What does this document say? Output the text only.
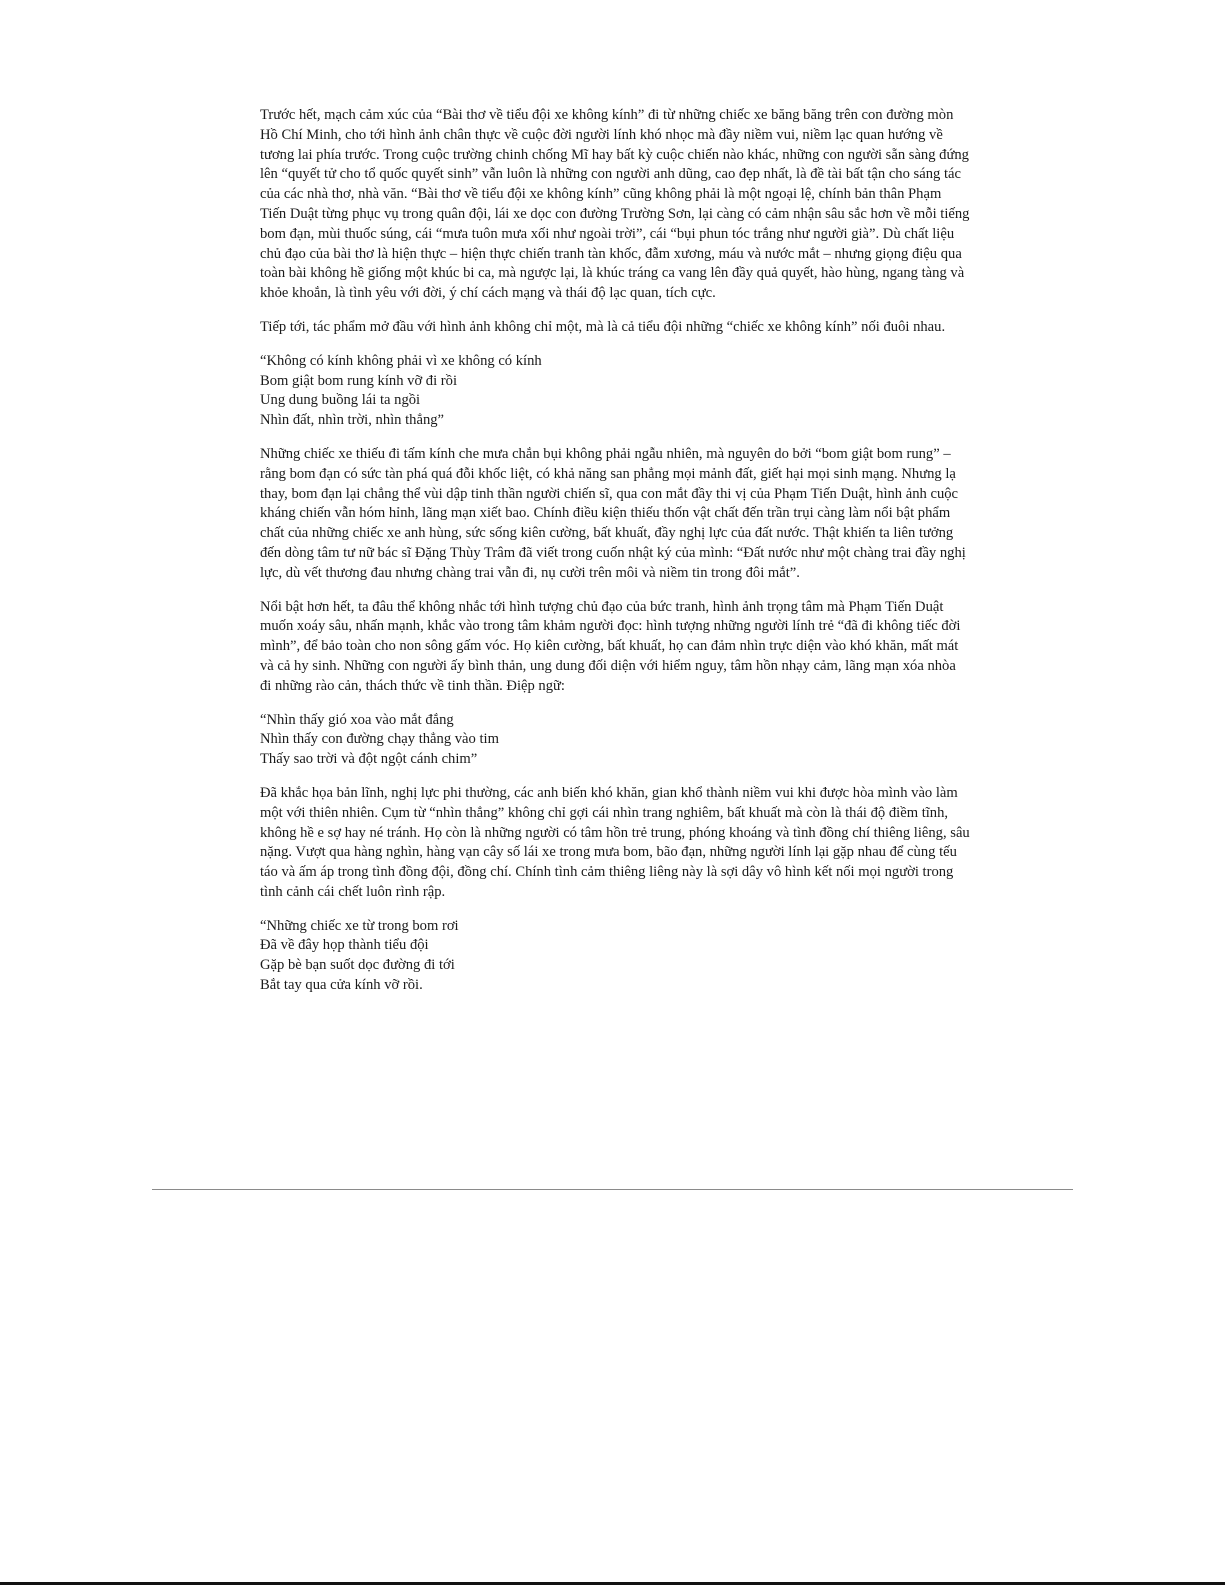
Trước hết, mạch cảm xúc của “Bài thơ về tiểu đội xe không kính” đi từ những chiếc xe băng băng trên con đường mòn Hồ Chí Minh, cho tới hình ảnh chân thực về cuộc đời người lính khó nhọc mà đầy niềm vui, niềm lạc quan hướng về tương lai phía trước. Trong cuộc trường chinh chống Mĩ hay bất kỳ cuộc chiến nào khác, những con người sẵn sàng đứng lên “quyết tử cho tổ quốc quyết sinh” vẫn luôn là những con người anh dũng, cao đẹp nhất, là đề tài bất tận cho sáng tác của các nhà thơ, nhà văn. “Bài thơ về tiểu đội xe không kính” cũng không phải là một ngoại lệ, chính bản thân Phạm Tiến Duật từng phục vụ trong quân đội, lái xe dọc con đường Trường Sơn, lại càng có cảm nhận sâu sắc hơn về mỗi tiếng bom đạn, mùi thuốc súng, cái “mưa tuôn mưa xối như ngoài trời”, cái “bụi phun tóc trắng như người già”. Dù chất liệu chủ đạo của bài thơ là hiện thực – hiện thực chiến tranh tàn khốc, đẫm xương, máu và nước mắt – nhưng giọng điệu qua toàn bài không hề giống một khúc bi ca, mà ngược lại, là khúc tráng ca vang lên đầy quả quyết, hào hùng, ngang tàng và khỏe khoắn, là tình yêu với đời, ý chí cách mạng và thái độ lạc quan, tích cực.

Tiếp tới, tác phẩm mở đầu với hình ảnh không chỉ một, mà là cả tiểu đội những “chiếc xe không kính” nối đuôi nhau.

“Không có kính không phải vì xe không có kính
Bom giật bom rung kính vỡ đi rồi
Ung dung buồng lái ta ngồi
Nhìn đất, nhìn trời, nhìn thẳng”

Những chiếc xe thiếu đi tấm kính che mưa chắn bụi không phải ngẫu nhiên, mà nguyên do bởi “bom giật bom rung” – rằng bom đạn có sức tàn phá quá đỗi khốc liệt, có khả năng san phẳng mọi mảnh đất, giết hại mọi sinh mạng. Nhưng lạ thay, bom đạn lại chẳng thể vùi dập tinh thần người chiến sĩ, qua con mắt đầy thi vị của Phạm Tiến Duật, hình ảnh cuộc kháng chiến vẫn hóm hỉnh, lãng mạn xiết bao. Chính điều kiện thiếu thốn vật chất đến trần trụi càng làm nổi bật phẩm chất của những chiếc xe anh hùng, sức sống kiên cường, bất khuất, đầy nghị lực của đất nước. Thật khiến ta liên tưởng đến dòng tâm tư nữ bác sĩ Đặng Thùy Trâm đã viết trong cuốn nhật ký của mình: “Đất nước như một chàng trai đầy nghị lực, dù vết thương đau nhưng chàng trai vẫn đi, nụ cười trên môi và niềm tin trong đôi mắt”.

Nổi bật hơn hết, ta đâu thể không nhắc tới hình tượng chủ đạo của bức tranh, hình ảnh trọng tâm mà Phạm Tiến Duật muốn xoáy sâu, nhấn mạnh, khắc vào trong tâm khảm người đọc: hình tượng những người lính trẻ “đã đi không tiếc đời mình”, để bảo toàn cho non sông gấm vóc. Họ kiên cường, bất khuất, họ can đảm nhìn trực diện vào khó khăn, mất mát và cả hy sinh. Những con người ấy bình thản, ung dung đối diện với hiểm nguy, tâm hồn nhạy cảm, lãng mạn xóa nhòa đi những rào cản, thách thức về tinh thần. Điệp ngữ:

“Nhìn thấy gió xoa vào mắt đắng
Nhìn thấy con đường chạy thẳng vào tim
Thấy sao trời và đột ngột cánh chim”

Đã khắc họa bản lĩnh, nghị lực phi thường, các anh biến khó khăn, gian khổ thành niềm vui khi được hòa mình vào làm một với thiên nhiên. Cụm từ “nhìn thẳng” không chỉ gợi cái nhìn trang nghiêm, bất khuất mà còn là thái độ điềm tĩnh, không hề e sợ hay né tránh. Họ còn là những người có tâm hồn trẻ trung, phóng khoáng và tình đồng chí thiêng liêng, sâu nặng. Vượt qua hàng nghìn, hàng vạn cây số lái xe trong mưa bom, bão đạn, những người lính lại gặp nhau để cùng tếu táo và ấm áp trong tình đồng đội, đồng chí. Chính tình cảm thiêng liêng này là sợi dây vô hình kết nối mọi người trong tình cảnh cái chết luôn rình rập.

“Những chiếc xe từ trong bom rơi
Đã về đây họp thành tiểu đội
Gặp bè bạn suốt dọc đường đi tới
Bắt tay qua cửa kính vỡ rồi.
